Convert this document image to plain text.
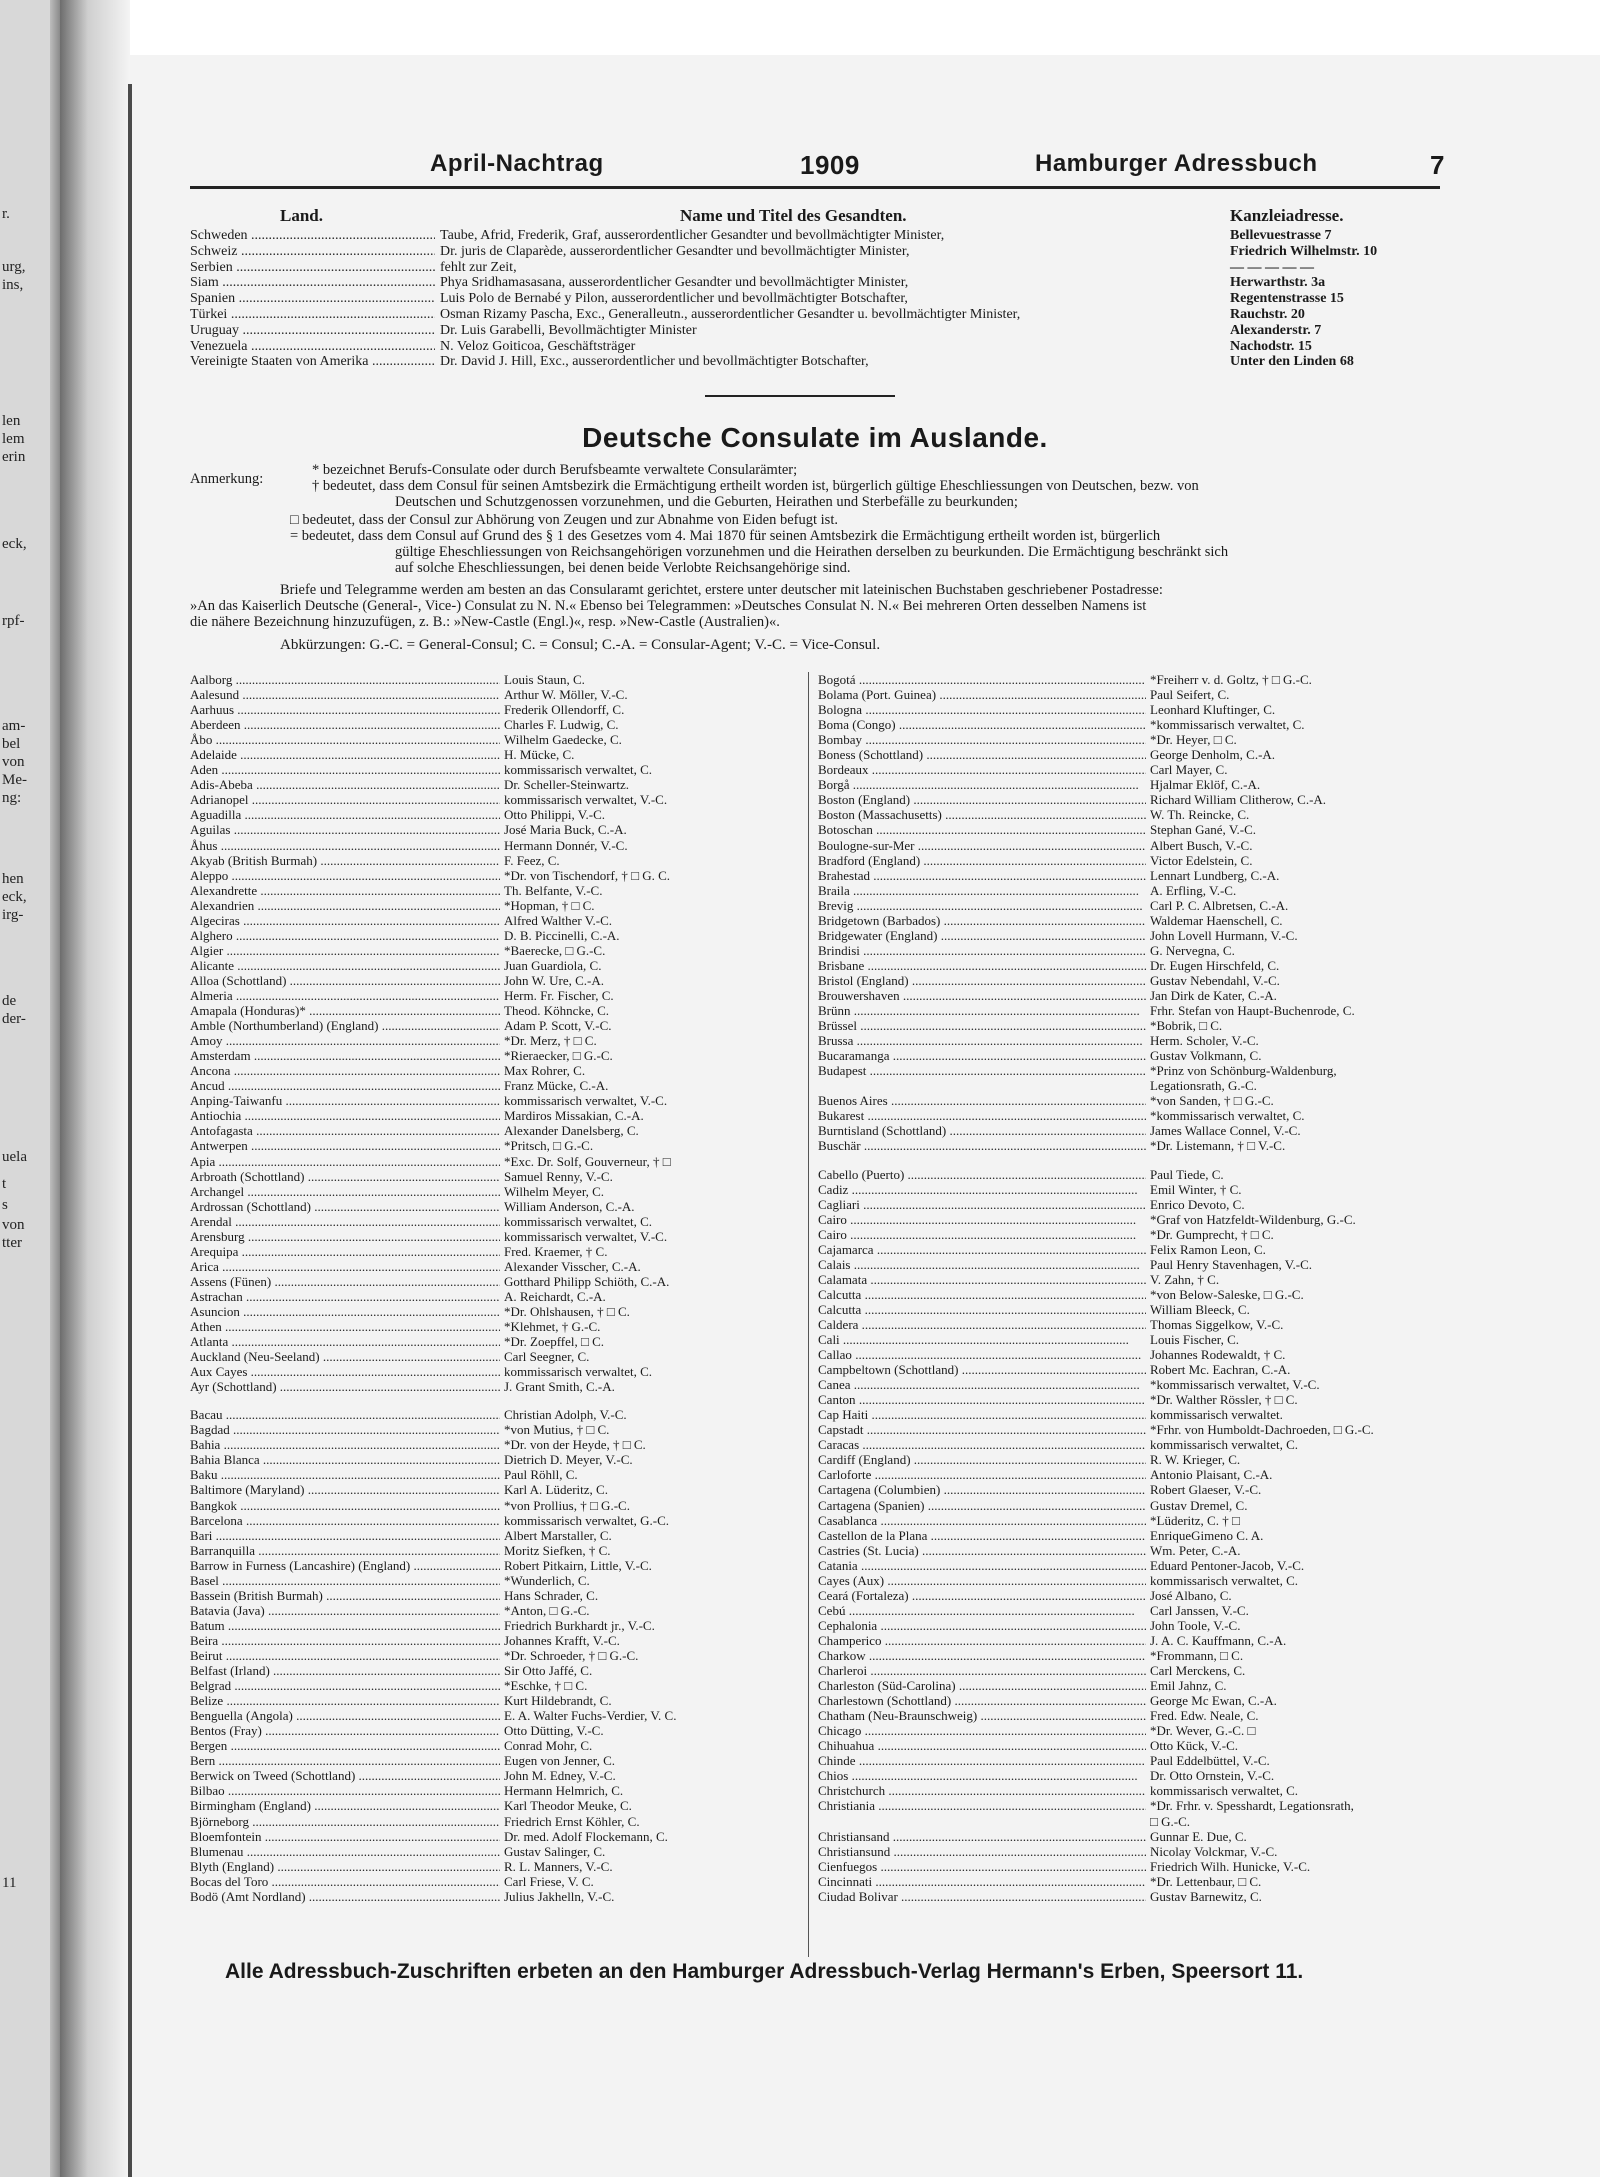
r.
urg,
ins,
len
lem
erin
eck,
rpf-
am-
bel
von
Me-
ng:
hen
eck,
irg-
de
der-
uela
t
s
von
tter
11
April-Nachtrag	1909	Hamburger Adressbuch	7
Land.	Name und Titel des Gesandten.	Kanzleiadresse.
Schweden .....	Taube, Afrid, Frederik, Graf, ausserordentlicher Gesandter und bevollmächtigter Minister,	Bellevuestrasse 7
Schweiz .....	Dr. juris de Claparède, ausserordentlicher Gesandter und bevollmächtigter Minister,	Friedrich Wilhelmstr. 10
Serbien .....	fehlt zur Zeit,	— — — — —
Siam .....	Phya Sridhamasasana, ausserordentlicher Gesandter und bevollmächtigter Minister,	Herwarthstr. 3a
Spanien .....	Luis Polo de Bernabé y Pilon, ausserordentlicher und bevollmächtigter Botschafter,	Regentenstrasse 15
Türkei .....	Osman Rizamy Pascha, Exc., Generalleutn., ausserordentlicher Gesandter u. bevollmächtigter Minister,	Rauchstr. 20
Uruguay .....	Dr. Luis Garabelli, Bevollmächtigter Minister	Alexanderstr. 7
Venezuela .....	N. Veloz Goiticoa, Geschäftsträger	Nachodstr. 15
Vereinigte Staaten von Amerika .....	Dr. David J. Hill, Exc., ausserordentlicher und bevollmächtigter Botschafter,	Unter den Linden 68
Deutsche Consulate im Auslande.
Anmerkung:
* bezeichnet Berufs-Consulate oder durch Berufsbeamte verwaltete Consularämter;
† bedeutet, dass dem Consul für seinen Amtsbezirk die Ermächtigung ertheilt worden ist, bürgerlich gültige Eheschliessungen von Deutschen, bezw. von
Deutschen und Schutzgenossen vorzunehmen, und die Geburten, Heirathen und Sterbefälle zu beurkunden;
□ bedeutet, dass der Consul zur Abhörung von Zeugen und zur Abnahme von Eiden befugt ist.
= bedeutet, dass dem Consul auf Grund des § 1 des Gesetzes vom 4. Mai 1870 für seinen Amtsbezirk die Ermächtigung ertheilt worden ist, bürgerlich
gültige Eheschliessungen von Reichsangehörigen vorzunehmen und die Heirathen derselben zu beurkunden. Die Ermächtigung beschränkt sich
auf solche Eheschliessungen, bei denen beide Verlobte Reichsangehörige sind.
Briefe und Telegramme werden am besten an das Consularamt gerichtet, erstere unter deutscher mit lateinischen Buchstaben geschriebener Postadresse:
»An das Kaiserlich Deutsche (General-, Vice-) Consulat zu N. N.« Ebenso bei Telegrammen: »Deutsches Consulat N. N.« Bei mehreren Orten desselben Namens ist
die nähere Bezeichnung hinzuzufügen, z. B.: »New-Castle (Engl.)«, resp. »New-Castle (Australien)«.
Abkürzungen: G.-C. = General-Consul; C. = Consul; C.-A. = Consular-Agent; V.-C. = Vice-Consul.
Aalborg .....	Louis Staun, C.
Aalesund .....	Arthur W. Möller, V.-C.
Aarhuus .....	Frederik Ollendorff, C.
Aberdeen .....	Charles F. Ludwig, C.
Åbo .....	Wilhelm Gaedecke, C.
Adelaide .....	H. Mücke, C.
Aden .....	kommissarisch verwaltet, C.
Adis-Abeba .....	Dr. Scheller-Steinwartz.
Adrianopel .....	kommissarisch verwaltet, V.-C.
Aguadilla .....	Otto Philippi, V.-C.
Aguilas .....	José Maria Buck, C.-A.
Åhus .....	Hermann Donnér, V.-C.
Akyab (British Burmah) .....	F. Feez, C.
Aleppo .....	*Dr. von Tischendorf, † □ G. C.
Alexandrette .....	Th. Belfante, V.-C.
Alexandrien .....	*Hopman, † □ C.
Algeciras .....	Alfred Walther V.-C.
Alghero .....	D. B. Piccinelli, C.-A.
Algier .....	*Baerecke, □ G.-C.
Alicante .....	Juan Guardiola, C.
Alloa (Schottland) .....	John W. Ure, C.-A.
Almeria .....	Herm. Fr. Fischer, C.
Amapala (Honduras)* .....	Theod. Köhncke, C.
Amble (Northumberland) (England) .....	Adam P. Scott, V.-C.
Amoy .....	*Dr. Merz, † □ C.
Amsterdam .....	*Rieraecker, □ G.-C.
Ancona .....	Max Rohrer, C.
Ancud .....	Franz Mücke, C.-A.
Anping-Taiwanfu .....	kommissarisch verwaltet, V.-C.
Antiochia .....	Mardiros Missakian, C.-A.
Antofagasta .....	Alexander Danelsberg, C.
Antwerpen .....	*Pritsch, □ G.-C.
Apia .....	*Exc. Dr. Solf, Gouverneur, † □
Arbroath (Schottland) .....	Samuel Renny, V.-C.
Archangel .....	Wilhelm Meyer, C.
Ardrossan (Schottland) .....	William Anderson, C.-A.
Arendal .....	kommissarisch verwaltet, C.
Arensburg .....	kommissarisch verwaltet, V.-C.
Arequipa .....	Fred. Kraemer, † C.
Arica .....	Alexander Visscher, C.-A.
Assens (Fünen) .....	Gotthard Philipp Schiöth, C.-A.
Astrachan .....	A. Reichardt, C.-A.
Asuncion .....	*Dr. Ohlshausen, † □ C.
Athen .....	*Klehmet, † G.-C.
Atlanta .....	*Dr. Zoepffel, □ C.
Auckland (Neu-Seeland) .....	Carl Seegner, C.
Aux Cayes .....	kommissarisch verwaltet, C.
Ayr (Schottland) .....	J. Grant Smith, C.-A.
Bacau .....	Christian Adolph, V.-C.
Bagdad .....	*von Mutius, † □ C.
Bahia .....	*Dr. von der Heyde, † □ C.
Bahia Blanca .....	Dietrich D. Meyer, V.-C.
Baku .....	Paul Röhll, C.
Baltimore (Maryland) .....	Karl A. Lüderitz, C.
Bangkok .....	*von Prollius, † □ G.-C.
Barcelona .....	kommissarisch verwaltet, G.-C.
Bari .....	Albert Marstaller, C.
Barranquilla .....	Moritz Siefken, † C.
Barrow in Furness (Lancashire) (England) .....	Robert Pitkairn, Little, V.-C.
Basel .....	*Wunderlich, C.
Bassein (British Burmah) .....	Hans Schrader, C.
Batavia (Java) .....	*Anton, □ G.-C.
Batum .....	Friedrich Burkhardt jr., V.-C.
Beira .....	Johannes Krafft, V.-C.
Beirut .....	*Dr. Schroeder, † □ G.-C.
Belfast (Irland) .....	Sir Otto Jaffé, C.
Belgrad .....	*Eschke, † □ C.
Belize .....	Kurt Hildebrandt, C.
Benguella (Angola) .....	E. A. Walter Fuchs-Verdier, V. C.
Bentos (Fray) .....	Otto Dütting, V.-C.
Bergen .....	Conrad Mohr, C.
Bern .....	Eugen von Jenner, C.
Berwick on Tweed (Schottland) .....	John M. Edney, V.-C.
Bilbao .....	Hermann Helmrich, C.
Birmingham (England) .....	Karl Theodor Meuke, C.
Björneborg .....	Friedrich Ernst Köhler, C.
Bloemfontein .....	Dr. med. Adolf Flockemann, C.
Blumenau .....	Gustav Salinger, C.
Blyth (England) .....	R. L. Manners, V.-C.
Bocas del Toro .....	Carl Friese, V. C.
Bodö (Amt Nordland) .....	Julius Jakhelln, V.-C.
Bogotá .....	*Freiherr v. d. Goltz, † □ G.-C.
Bolama (Port. Guinea) .....	Paul Seifert, C.
Bologna .....	Leonhard Kluftinger, C.
Boma (Congo) .....	*kommissarisch verwaltet, C.
Bombay .....	*Dr. Heyer, □ C.
Boness (Schottland) .....	George Denholm, C.-A.
Bordeaux .....	Carl Mayer, C.
Borgå .....	Hjalmar Eklöf, C.-A.
Boston (England) .....	Richard William Clitherow, C.-A.
Boston (Massachusetts) .....	W. Th. Reincke, C.
Botoschan .....	Stephan Gané, V.-C.
Boulogne-sur-Mer .....	Albert Busch, V.-C.
Bradford (England) .....	Victor Edelstein, C.
Brahestad .....	Lennart Lundberg, C.-A.
Braila .....	A. Erfling, V.-C.
Brevig .....	Carl P. C. Albretsen, C.-A.
Bridgetown (Barbados) .....	Waldemar Haenschell, C.
Bridgewater (England) .....	John Lovell Hurmann, V.-C.
Brindisi .....	G. Nervegna, C.
Brisbane .....	Dr. Eugen Hirschfeld, C.
Bristol (England) .....	Gustav Nebendahl, V.-C.
Brouwershaven .....	Jan Dirk de Kater, C.-A.
Brünn .....	Frhr. Stefan von Haupt-Buchenrode, C.
Brüssel .....	*Bobrik, □ C.
Brussa .....	Herm. Scholer, V.-C.
Bucaramanga .....	Gustav Volkmann, C.
Budapest .....	*Prinz von Schönburg-Waldenburg,
Legationsrath, G.-C.
Buenos Aires .....	*von Sanden, † □ G.-C.
Bukarest .....	*kommissarisch verwaltet, C.
Burntisland (Schottland) .....	James Wallace Connel, V.-C.
Buschär .....	*Dr. Listemann, † □ V.-C.
Cabello (Puerto) .....	Paul Tiede, C.
Cadiz .....	Emil Winter, † C.
Cagliari .....	Enrico Devoto, C.
Cairo .....	*Graf von Hatzfeldt-Wildenburg, G.-C.
Cairo .....	*Dr. Gumprecht, † □ C.
Cajamarca .....	Felix Ramon Leon, C.
Calais .....	Paul Henry Stavenhagen, V.-C.
Calamata .....	V. Zahn, † C.
Calcutta .....	*von Below-Saleske, □ G.-C.
Calcutta .....	William Bleeck, C.
Caldera .....	Thomas Siggelkow, V.-C.
Cali .....	Louis Fischer, C.
Callao .....	Johannes Rodewaldt, † C.
Campbeltown (Schottland) .....	Robert Mc. Eachran, C.-A.
Canea .....	*kommissarisch verwaltet, V.-C.
Canton .....	*Dr. Walther Rössler, † □ C.
Cap Haiti .....	kommissarisch verwaltet.
Capstadt .....	*Frhr. von Humboldt-Dachroeden, □ G.-C.
Caracas .....	kommissarisch verwaltet, C.
Cardiff (England) .....	R. W. Krieger, C.
Carloforte .....	Antonio Plaisant, C.-A.
Cartagena (Columbien) .....	Robert Glaeser, V.-C.
Cartagena (Spanien) .....	Gustav Dremel, C.
Casablanca .....	*Lüderitz, C. † □
Castellon de la Plana .....	EnriqueGimeno C. A.
Castries (St. Lucia) .....	Wm. Peter, C.-A.
Catania .....	Eduard Pentoner-Jacob, V.-C.
Cayes (Aux) .....	kommissarisch verwaltet, C.
Ceará (Fortaleza) .....	José Albano, C.
Cebú .....	Carl Janssen, V.-C.
Cephalonia .....	John Toole, V.-C.
Champerico .....	J. A. C. Kauffmann, C.-A.
Charkow .....	*Frommann, □ C.
Charleroi .....	Carl Merckens, C.
Charleston (Süd-Carolina) .....	Emil Jahnz, C.
Charlestown (Schottland) .....	George Mc Ewan, C.-A.
Chatham (Neu-Braunschweig) .....	Fred. Edw. Neale, C.
Chicago .....	*Dr. Wever, G.-C. □
Chihuahua .....	Otto Kück, V.-C.
Chinde .....	Paul Eddelbüttel, V.-C.
Chios .....	Dr. Otto Ornstein, V.-C.
Christchurch .....	kommissarisch verwaltet, C.
Christiania .....	*Dr. Frhr. v. Spesshardt, Legationsrath,
□ G.-C.
Christiansand .....	Gunnar E. Due, C.
Christiansund .....	Nicolay Volckmar, V.-C.
Cienfuegos .....	Friedrich Wilh. Hunicke, V.-C.
Cincinnati .....	*Dr. Lettenbaur, □ C.
Ciudad Bolivar .....	Gustav Barnewitz, C.
Alle Adressbuch-Zuschriften erbeten an den Hamburger Adressbuch-Verlag Hermann's Erben, Speersort 11.
